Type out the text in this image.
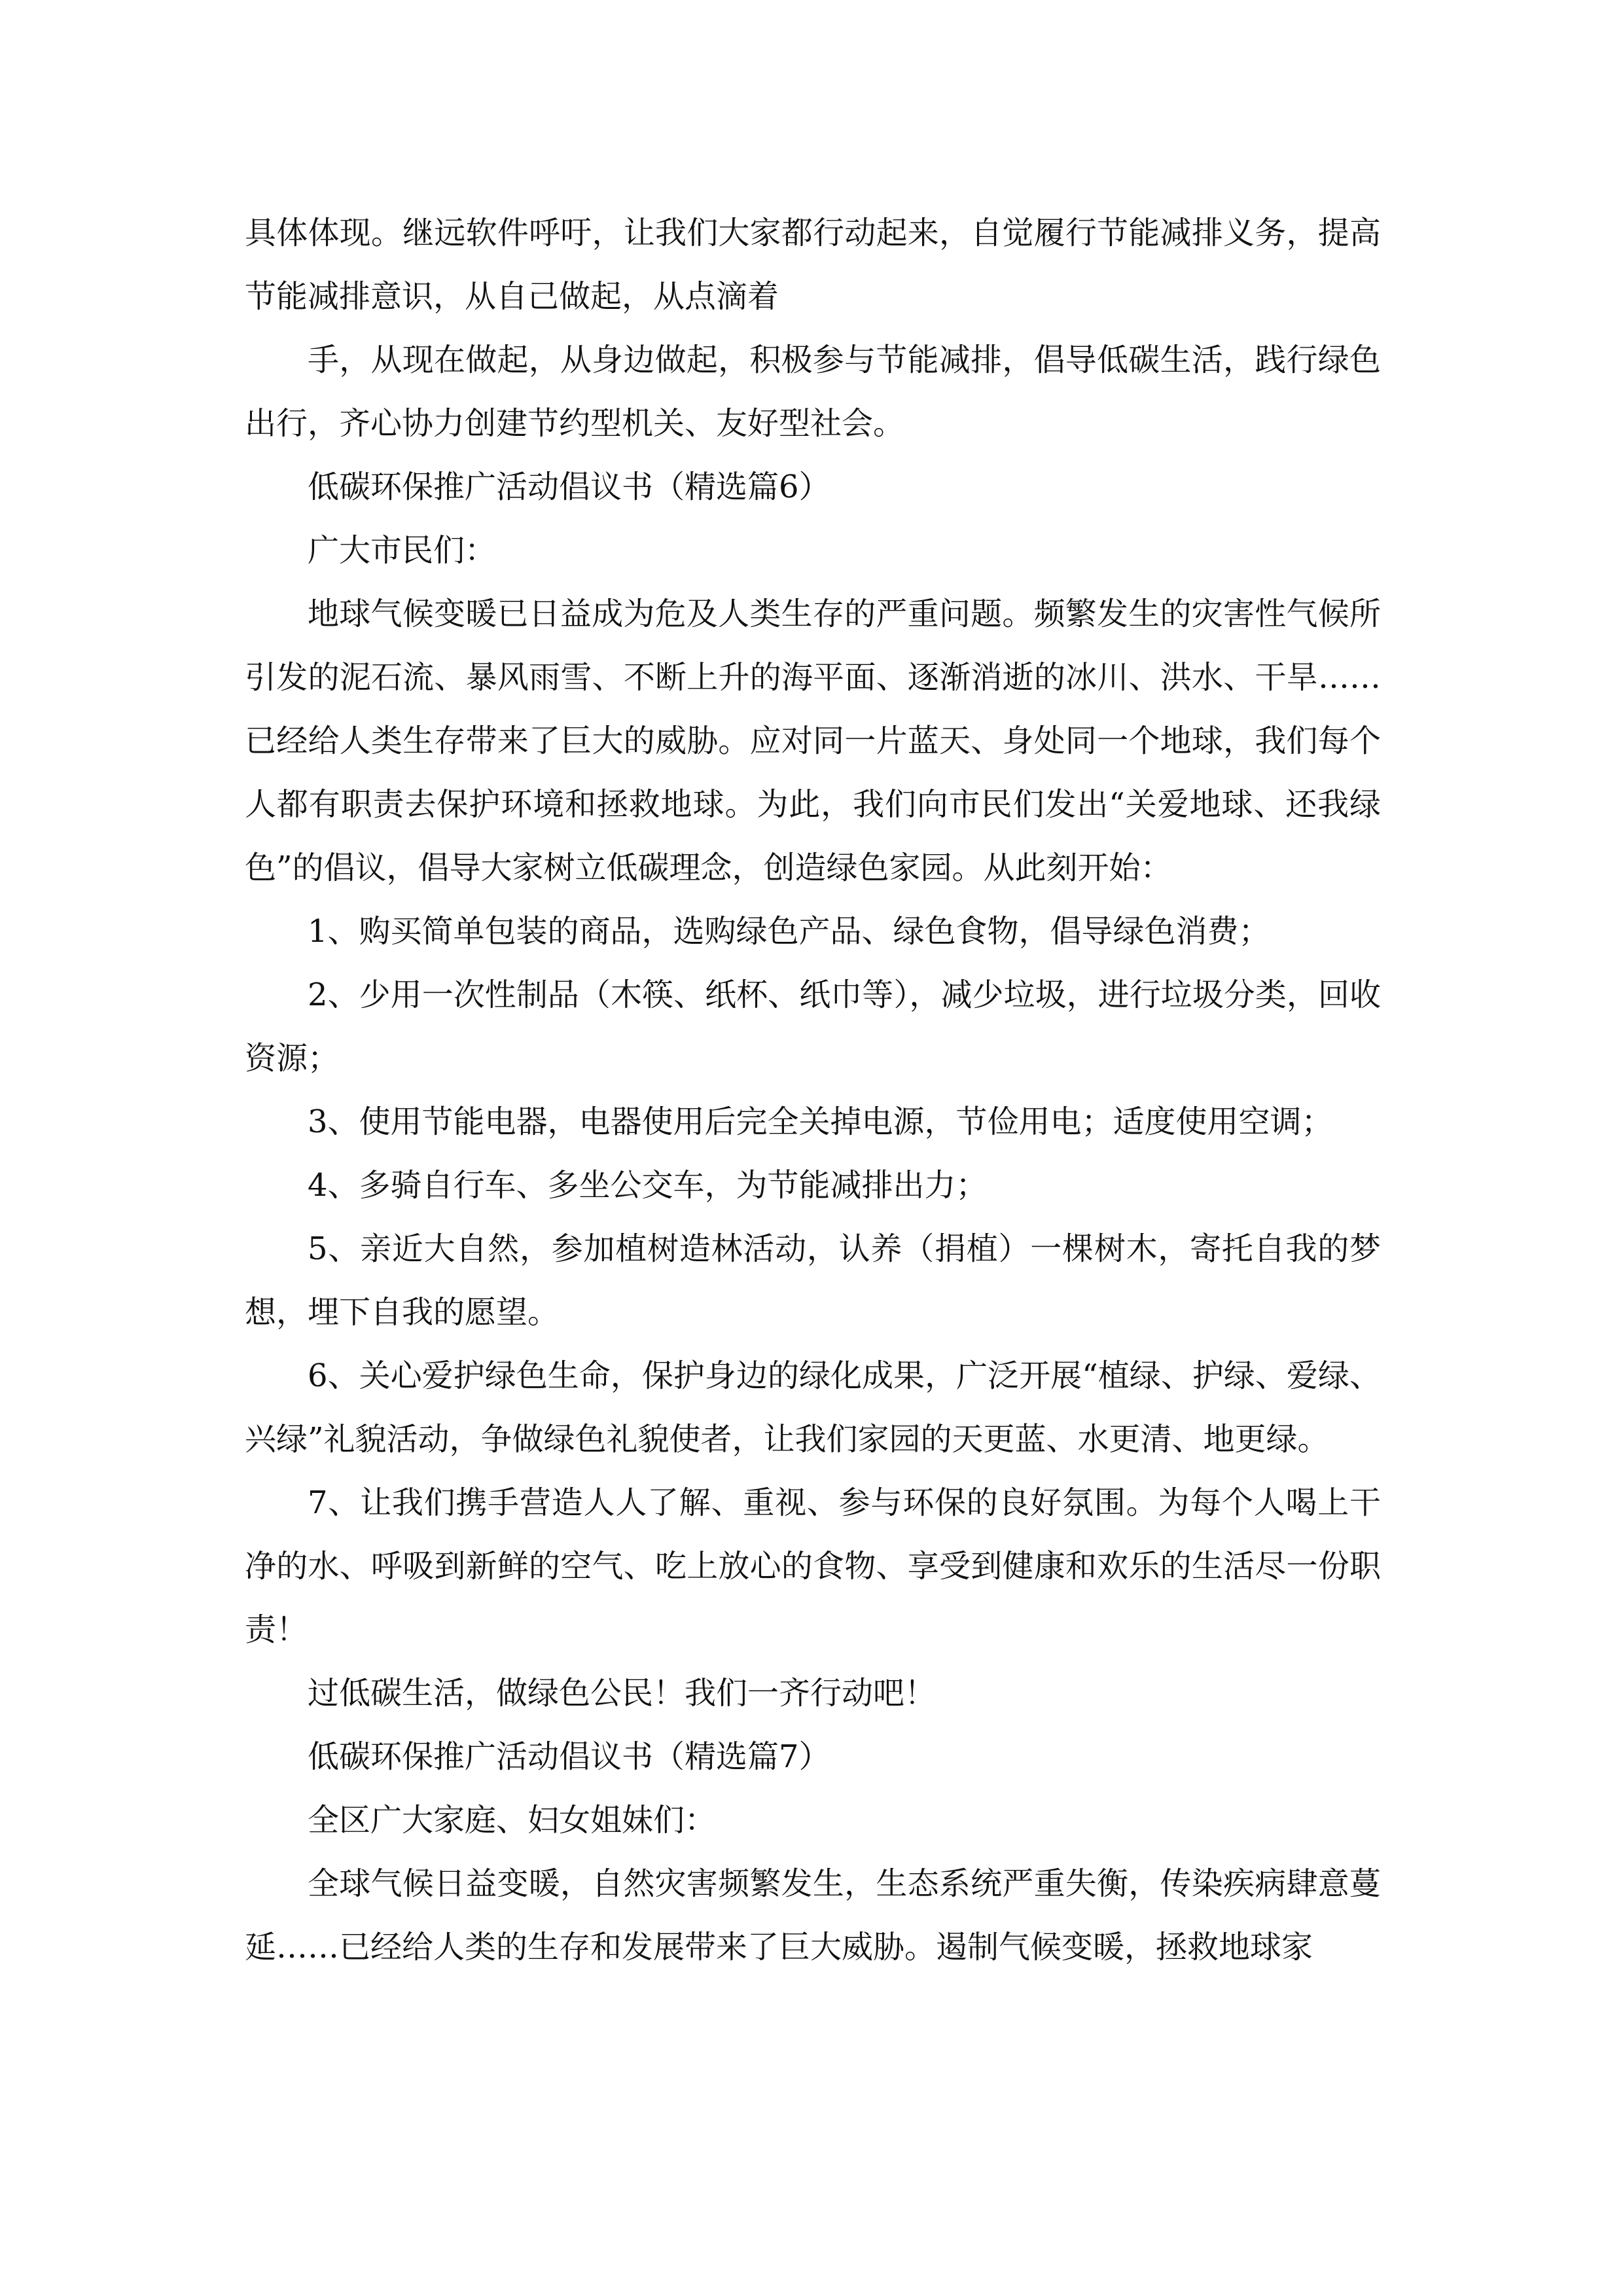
具体体现。继远软件呼吁，让我们大家都行动起来，自觉履行节能减排义务，提高节能减排意识，从自己做起，从点滴着

手，从现在做起，从身边做起，积极参与节能减排，倡导低碳生活，践行绿色出行，齐心协力创建节约型机关、友好型社会。

低碳环保推广活动倡议书（精选篇6）

广大市民们：

地球气候变暖已日益成为危及人类生存的严重问题。频繁发生的灾害性气候所引发的泥石流、暴风雨雪、不断上升的海平面、逐渐消逝的冰川、洪水、干旱……已经给人类生存带来了巨大的威胁。应对同一片蓝天、身处同一个地球，我们每个人都有职责去保护环境和拯救地球。为此，我们向市民们发出“关爱地球、还我绿色”的倡议，倡导大家树立低碳理念，创造绿色家园。从此刻开始：

1、购买简单包装的商品，选购绿色产品、绿色食物，倡导绿色消费；

2、少用一次性制品（木筷、纸杯、纸巾等），减少垃圾，进行垃圾分类，回收资源；

3、使用节能电器，电器使用后完全关掉电源，节俭用电；适度使用空调；

4、多骑自行车、多坐公交车，为节能减排出力；

5、亲近大自然，参加植树造林活动，认养（捐植）一棵树木，寄托自我的梦想，埋下自我的愿望。

6、关心爱护绿色生命，保护身边的绿化成果，广泛开展“植绿、护绿、爱绿、兴绿”礼貌活动，争做绿色礼貌使者，让我们家园的天更蓝、水更清、地更绿。

7、让我们携手营造人人了解、重视、参与环保的良好氛围。为每个人喝上干净的水、呼吸到新鲜的空气、吃上放心的食物、享受到健康和欢乐的生活尽一份职责！

过低碳生活，做绿色公民！我们一齐行动吧！

低碳环保推广活动倡议书（精选篇7）

全区广大家庭、妇女姐妹们：

全球气候日益变暖，自然灾害频繁发生，生态系统严重失衡，传染疾病肆意蔓延……已经给人类的生存和发展带来了巨大威胁。遏制气候变暖，拯救地球家
